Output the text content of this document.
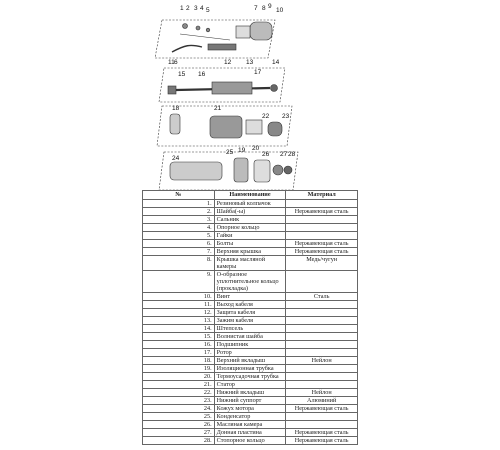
1 2 3 4 5
6
7 8 9
10
11	12 13	14
15 16	17
18
19 20
21
22 23
24
25	26 27 28
№	Наименование	Материал
1.	Резиновый колпачок	
2.	Шайба(-ы)	Нержавеющая сталь
3.	Сальник	
4.	Опорное кольцо	
5.	Гайки	
6.	Болты	Нержавеющая сталь
7.	Верхняя крышка	Нержавеющая сталь
8.	Крышка масляной камеры	Медь/чугун
9.	О-образное уплотнительное кольцо (прокладка)	
10.	Винт	Сталь
11.	Выход кабеля	
12.	Защита кабеля	
13.	Зажим кабеля	
14.	Штепсель	
15.	Волнистая шайба	
16.	Подшипник	
17.	Ротор	
18.	Верхний вкладыш	Нейлон
19.	Изоляционная трубка	
20.	Термоусадочная трубка	
21.	Статор	
22.	Нижний вкладыш	Нейлон
23.	Нижний суппорт	Алюминий
24.	Кожух мотора	Нержавеющая сталь
25.	Конденсатор	
26.	Масляная камера	
27.	Донная пластина	Нержавеющая сталь
28.	Стопорное кольцо	Нержавеющая сталь
